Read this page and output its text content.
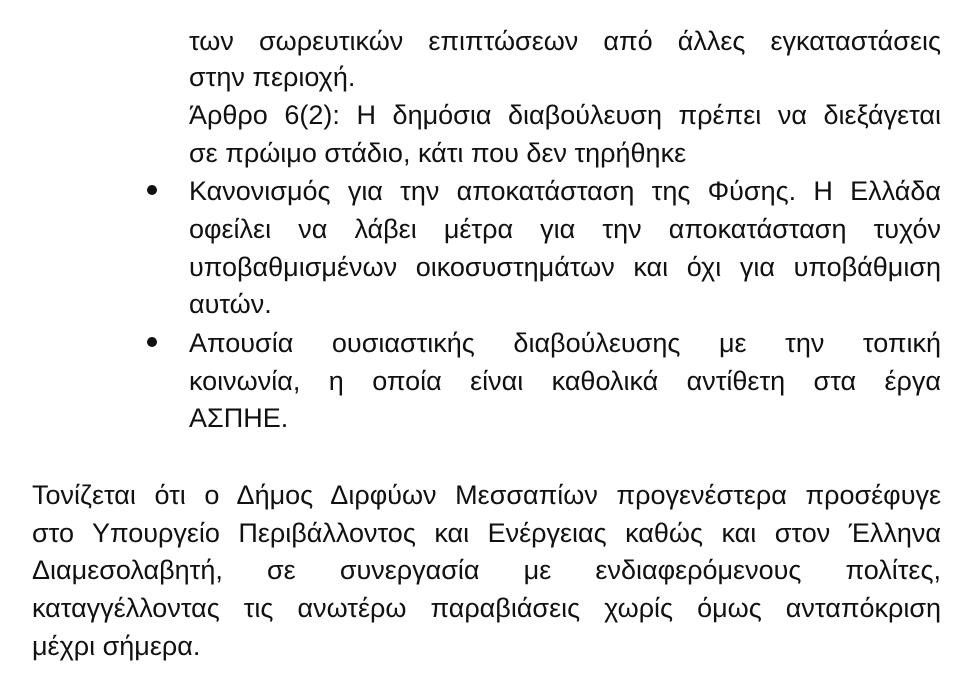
των σωρευτικών επιπτώσεων από άλλες εγκαταστάσεις
στην περιοχή.
Άρθρο 6(2): Η δημόσια διαβούλευση πρέπει να διεξάγεται
σε πρώιμο στάδιο, κάτι που δεν τηρήθηκε
Κανονισμός για την αποκατάσταση της Φύσης. Η Ελλάδα
οφείλει να λάβει μέτρα για την αποκατάσταση τυχόν
υποβαθμισμένων οικοσυστημάτων και όχι για υποβάθμιση
αυτών.
Απουσία ουσιαστικής διαβούλευσης με την τοπική
κοινωνία, η οποία είναι καθολικά αντίθετη στα έργα
ΑΣΠΗΕ.
Τονίζεται ότι ο Δήμος Διρφύων Μεσσαπίων προγενέστερα προσέφυγε
στο Υπουργείο Περιβάλλοντος και Ενέργειας καθώς και στον Έλληνα
Διαμεσολαβητή, σε συνεργασία με ενδιαφερόμενους πολίτες,
καταγγέλλοντας τις ανωτέρω παραβιάσεις χωρίς όμως ανταπόκριση
μέχρι σήμερα.
